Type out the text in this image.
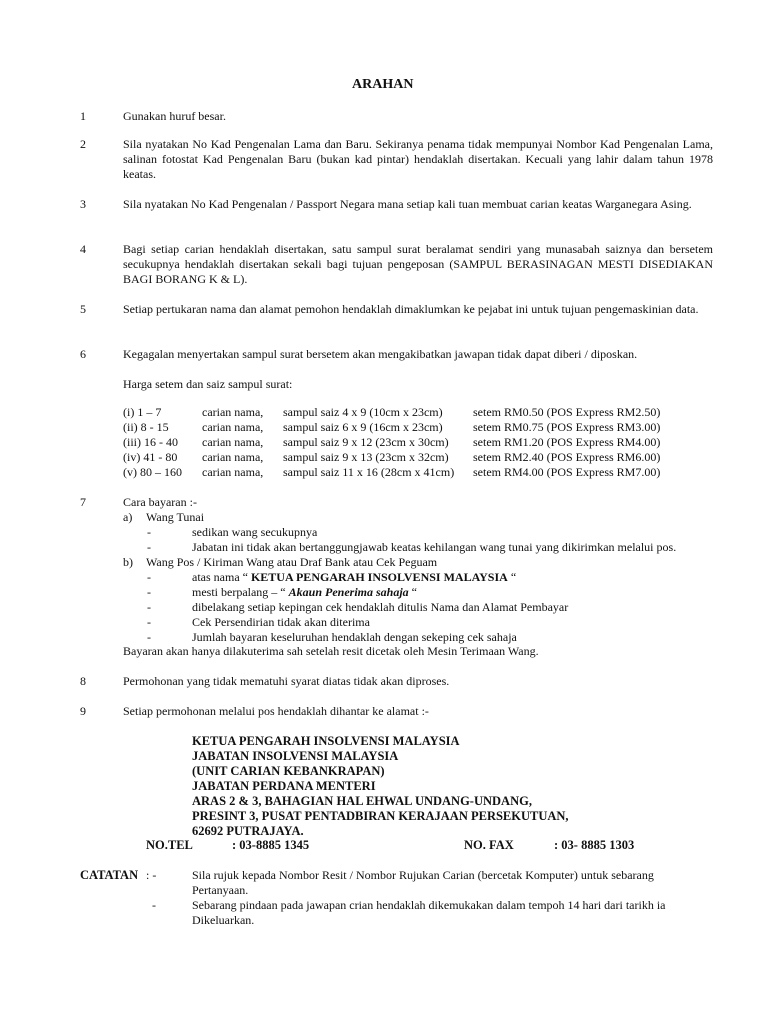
ARAHAN
1	Gunakan huruf besar.
2	Sila nyatakan No Kad Pengenalan Lama dan Baru. Sekiranya penama tidak mempunyai Nombor Kad Pengenalan Lama, salinan fotostat Kad Pengenalan Baru (bukan kad pintar) hendaklah disertakan. Kecuali yang lahir dalam tahun 1978 keatas.
3	Sila nyatakan No Kad Pengenalan / Passport Negara mana setiap kali tuan membuat carian keatas Warganegara Asing.
4	Bagi setiap carian hendaklah disertakan, satu sampul surat beralamat sendiri yang munasabah saiznya dan bersetem secukupnya hendaklah disertakan sekali bagi tujuan pengeposan (SAMPUL BERASINAGAN MESTI DISEDIAKAN BAGI BORANG K & L).
5	Setiap pertukaran nama dan alamat pemohon hendaklah dimaklumkan ke pejabat ini untuk tujuan pengemaskinian data.
6	Kegagalan menyertakan sampul surat bersetem akan mengakibatkan jawapan tidak dapat diberi / diposkan.
Harga setem dan saiz sampul surat:
(i) 1 – 7	carian nama, sampul saiz 4 x 9 (10cm x 23cm)	setem RM0.50 (POS Express RM2.50)
(ii) 8 - 15	carian nama, sampul saiz 6 x 9 (16cm x 23cm)	setem RM0.75 (POS Express RM3.00)
(iii) 16 - 40 carian nama, sampul saiz 9 x 12 (23cm x 30cm) setem RM1.20 (POS Express RM4.00)
(iv) 41 - 80 carian nama, sampul saiz 9 x 13 (23cm x 32cm) setem RM2.40 (POS Express RM6.00)
(v) 80 – 160 carian nama, sampul saiz 11 x 16 (28cm x 41cm) setem RM4.00 (POS Express RM7.00)
7	Cara bayaran :-
a) Wang Tunai
-	sedikan wang secukupnya
-	Jabatan ini tidak akan bertanggungjawab keatas kehilangan wang tunai yang dikirimkan melalui pos.
b) Wang Pos / Kiriman Wang atau Draf Bank atau Cek Peguam
-	atas nama “ KETUA PENGARAH INSOLVENSI MALAYSIA “
-	mesti berpalang – “ Akaun Penerima sahaja “
-	dibelakang setiap kepingan cek hendaklah ditulis Nama dan Alamat Pembayar
-	Cek Persendirian tidak akan diterima
-	Jumlah bayaran keseluruhan hendaklah dengan sekeping cek sahaja
Bayaran akan hanya dilakuterima sah setelah resit dicetak oleh Mesin Terimaan Wang.
8	Permohonan yang tidak mematuhi syarat diatas tidak akan diproses.
9	Setiap permohonan melalui pos hendaklah dihantar ke alamat :-
KETUA PENGARAH INSOLVENSI MALAYSIA
JABATAN INSOLVENSI MALAYSIA
(UNIT CARIAN KEBANKRAPAN)
JABATAN PERDANA MENTERI
ARAS 2 & 3, BAHAGIAN HAL EHWAL UNDANG-UNDANG,
PRESINT 3, PUSAT PENTADBIRAN KERAJAAN PERSEKUTUAN,
62692 PUTRAJAYA.
NO.TEL	: 03-8885 1345	NO. FAX	: 03- 8885 1303
CATATAN : -	Sila rujuk kepada Nombor Resit / Nombor Rujukan Carian (bercetak Komputer) untuk sebarang Pertanyaan.
-	Sebarang pindaan pada jawapan crian hendaklah dikemukakan dalam tempoh 14 hari dari tarikh ia Dikeluarkan.
